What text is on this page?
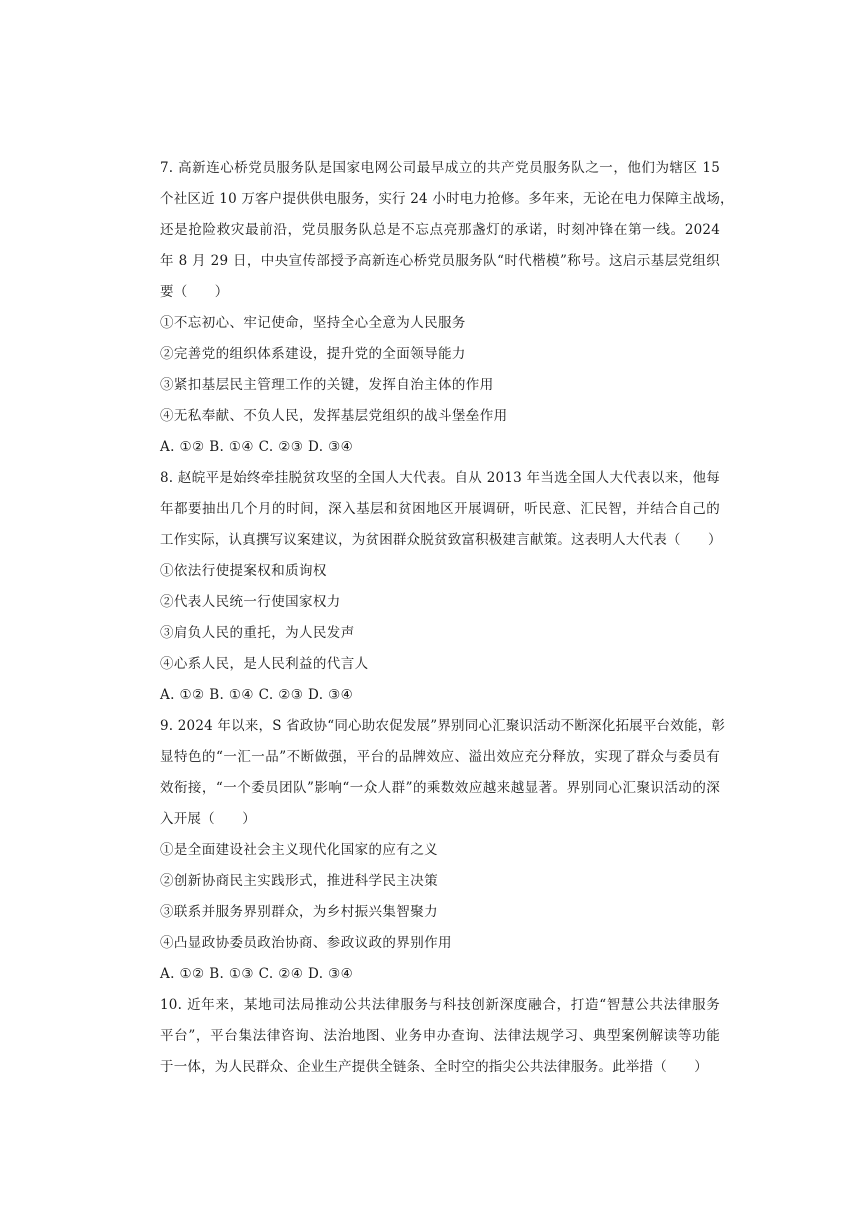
7. 高新连心桥党员服务队是国家电网公司最早成立的共产党员服务队之一，他们为辖区 15
个社区近 10 万客户提供供电服务，实行 24 小时电力抢修。多年来，无论在电力保障主战场，
还是抢险救灾最前沿，党员服务队总是不忘点亮那盏灯的承诺，时刻冲锋在第一线。2024
年 8 月 29 日，中央宣传部授予高新连心桥党员服务队“时代楷模”称号。这启示基层党组织
要（　　）
①不忘初心、牢记使命，坚持全心全意为人民服务
②完善党的组织体系建设，提升党的全面领导能力
③紧扣基层民主管理工作的关键，发挥自治主体的作用
④无私奉献、不负人民，发挥基层党组织的战斗堡垒作用
A. ①② B. ①④ C. ②③ D. ③④
8. 赵皖平是始终牵挂脱贫攻坚的全国人大代表。自从 2013 年当选全国人大代表以来，他每
年都要抽出几个月的时间，深入基层和贫困地区开展调研，听民意、汇民智，并结合自己的
工作实际，认真撰写议案建议，为贫困群众脱贫致富积极建言献策。这表明人大代表（　　）
①依法行使提案权和质询权
②代表人民统一行使国家权力
③肩负人民的重托，为人民发声
④心系人民，是人民利益的代言人
A. ①② B. ①④ C. ②③ D. ③④
9. 2024 年以来，S 省政协“同心助农促发展”界别同心汇聚识活动不断深化拓展平台效能，彰
显特色的“一汇一品”不断做强，平台的品牌效应、溢出效应充分释放，实现了群众与委员有
效衔接，“一个委员团队”影响“一众人群”的乘数效应越来越显著。界别同心汇聚识活动的深
入开展（　　）
①是全面建设社会主义现代化国家的应有之义
②创新协商民主实践形式，推进科学民主决策
③联系并服务界别群众，为乡村振兴集智聚力
④凸显政协委员政治协商、参政议政的界别作用
A. ①② B. ①③ C. ②④ D. ③④
10. 近年来，某地司法局推动公共法律服务与科技创新深度融合，打造“智慧公共法律服务
平台”，平台集法律咨询、法治地图、业务申办查询、法律法规学习、典型案例解读等功能
于一体，为人民群众、企业生产提供全链条、全时空的指尖公共法律服务。此举措（　　）
